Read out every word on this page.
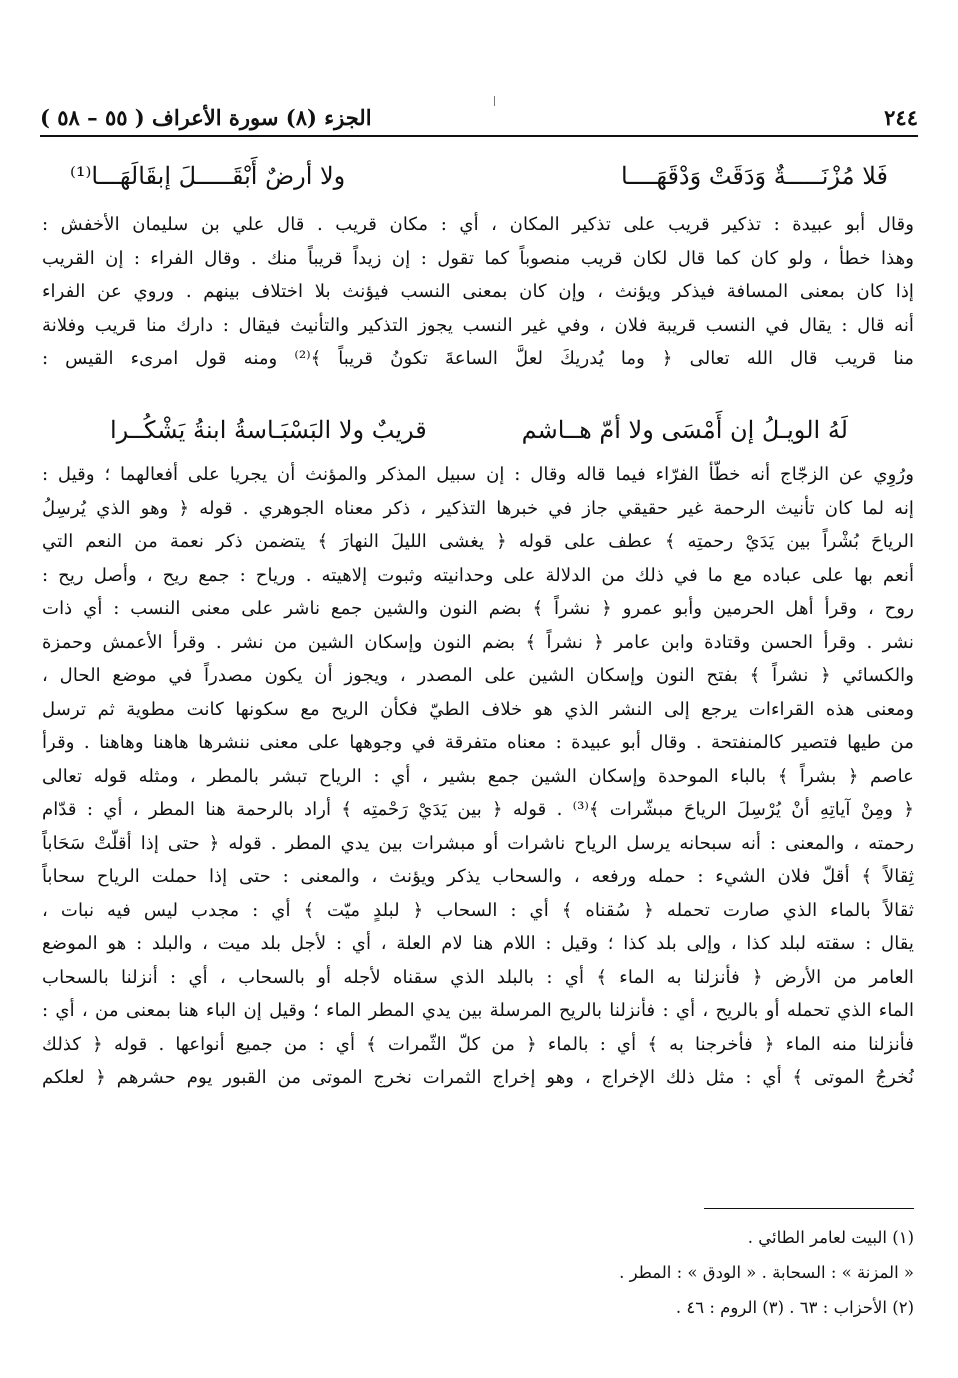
٢٤٤
الجزء (٨) سورة الأعراف ( ٥٥ – ٥٨ )
فَلا مُزْنَـــــةٌ وَدَقَتْ وَدْقَهَــــا
ولا أرضٌ أَبْقَـــــلَ إبقَالَهَـــا⁽¹⁾

وقال أبو عبيدة : تذكير قريب على تذكير المكان ، أي : مكان قريب . قال علي بن سليمان الأخفش :

وهذا خطأ ، ولو كان كما قال لكان قريب منصوباً كما تقول : إن زيداً قريباً منك . وقال الفراء : إن القريب

إذا كان بمعنى المسافة فيذكر ويؤنث ، وإن كان بمعنى النسب فيؤنث بلا اختلاف بينهم . وروي عن الفراء

أنه قال : يقال في النسب قريبة فلان ، وفي غير النسب يجوز التذكير والتأنيث فيقال : دارك منا قريب وفلانة

منا قريب قال الله تعالى ﴿ وما يُدريكَ لعلَّ الساعةَ تكونُ قريباً ﴾⁽²⁾ ومنه قول امرىء القيس :

لَهُ الويـلُ إن أَمْسَى ولا أمّ هــاشم
قريبٌ ولا البَسْبَـاسةُ ابنةُ يَشْكُــرا

ورُوِي عن الزجّاج أنه خطّأ الفرّاء فيما قاله وقال : إن سبيل المذكر والمؤنث أن يجريا على أفعالهما ؛ وقيل :

إنه لما كان تأنيث الرحمة غير حقيقي جاز في خبرها التذكير ، ذكر معناه الجوهري . قوله ﴿ وهو الذي يُرسِلُ

الرياحَ بُشْراً بين يَدَيْ رحمتِه ﴾ عطف على قوله ﴿ يغشى الليلَ النهارَ ﴾ يتضمن ذكر نعمة من النعم التي

أنعم بها على عباده مع ما في ذلك من الدلالة على وحدانيته وثبوت إلاهيته . ورياح : جمع ريح ، وأصل ريح :

روح ، وقرأ أهل الحرمين وأبو عمرو ﴿ نشراً ﴾ بضم النون والشين جمع ناشر على معنى النسب : أي ذات

نشر . وقرأ الحسن وقتادة وابن عامر ﴿ نشراً ﴾ بضم النون وإسكان الشين من نشر . وقرأ الأعمش وحمزة

والكسائي ﴿ نشراً ﴾ بفتح النون وإسكان الشين على المصدر ، ويجوز أن يكون مصدراً في موضع الحال ،

ومعنى هذه القراءات يرجع إلى النشر الذي هو خلاف الطيّ فكأن الريح مع سكونها كانت مطوية ثم ترسل

من طيها فتصير كالمنفتحة . وقال أبو عبيدة : معناه متفرقة في وجوهها على معنى ننشرها هاهنا وهاهنا . وقرأ

عاصم ﴿ بشراً ﴾ بالباء الموحدة وإسكان الشين جمع بشير ، أي : الرياح تبشر بالمطر ، ومثله قوله تعالى

﴿ ومِنْ آياتِهِ أنْ يُرْسِلَ الرياحَ مبشّرات ﴾⁽³⁾ . قوله ﴿ بين يَدَيْ رَحْمتِه ﴾ أراد بالرحمة هنا المطر ، أي : قدّام

رحمته ، والمعنى : أنه سبحانه يرسل الرياح ناشرات أو مبشرات بين يدي المطر . قوله ﴿ حتى إذا أقلّتْ سَحَاباً

ثِقالاً ﴾ أقلّ فلان الشيء : حمله ورفعه ، والسحاب يذكر ويؤنث ، والمعنى : حتى إذا حملت الرياح سحاباً

ثقالاً بالماء الذي صارت تحمله ﴿ سُقناه ﴾ أي : السحاب ﴿ لبلدٍ ميّت ﴾ أي : مجدب ليس فيه نبات ،

يقال : سقته لبلد كذا ، وإلى بلد كذا ؛ وقيل : اللام هنا لام العلة ، أي : لأجل بلد ميت ، والبلد : هو الموضع

العامر من الأرض ﴿ فأنزلنا به الماء ﴾ أي : بالبلد الذي سقناه لأجله أو بالسحاب ، أي : أنزلنا بالسحاب

الماء الذي تحمله أو بالريح ، أي : فأنزلنا بالريح المرسلة بين يدي المطر الماء ؛ وقيل إن الباء هنا بمعنى من ، أي :

فأنزلنا منه الماء ﴿ فأخرجنا به ﴾ أي : بالماء ﴿ من كلّ الثّمرات ﴾ أي : من جميع أنواعها . قوله ﴿ كذلك

نُخرجُ الموتى ﴾ أي : مثل ذلك الإخراج ، وهو إخراج الثمرات نخرج الموتى من القبور يوم حشرهم ﴿ لعلكم

(١) البيت لعامر الطائي .

« المزنة » : السحابة . « الودق » : المطر .

(٢) الأحزاب : ٦٣ . (٣) الروم : ٤٦ .
